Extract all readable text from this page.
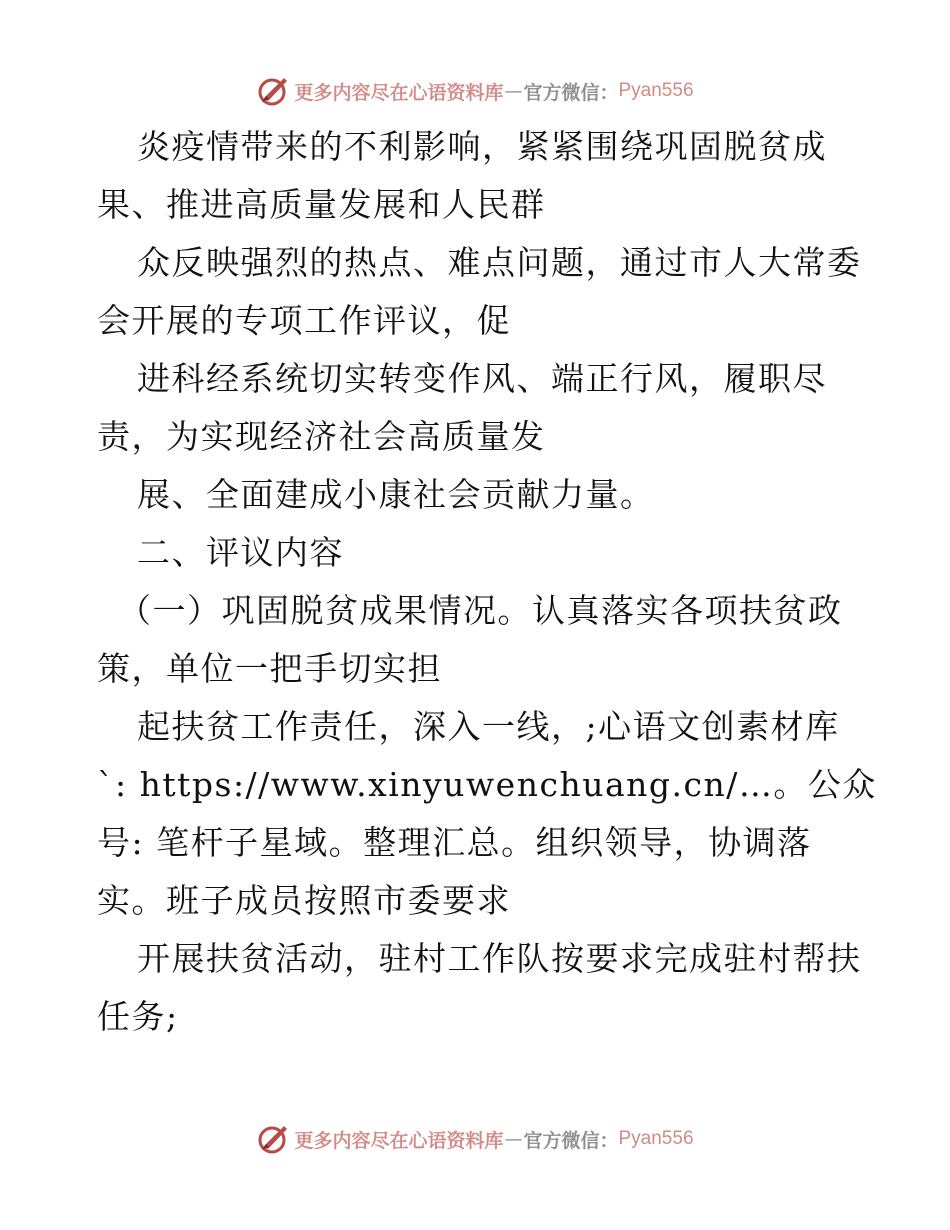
更多内容尽在心语资料库 — 官方微信： Pyan556
炎疫情带来的不利影响，紧紧围绕巩固脱贫成
果、推进高质量发展和人民群
众反映强烈的热点、难点问题，通过市人大常委
会开展的专项工作评议，促
进科经系统切实转变作风、端正行风，履职尽
责，为实现经济社会高质量发
展、全面建成小康社会贡献力量。
二、评议内容
（一）巩固脱贫成果情况。认真落实各项扶贫政
策，单位一把手切实担
起扶贫工作责任，深入一线，;心语文创素材库
`: https://www.xinyuwenchuang.cn/…。公众
号: 笔杆子星域。整理汇总。组织领导，协调落
实。班子成员按照市委要求
开展扶贫活动，驻村工作队按要求完成驻村帮扶
任务;
更多内容尽在心语资料库 — 官方微信： Pyan556
